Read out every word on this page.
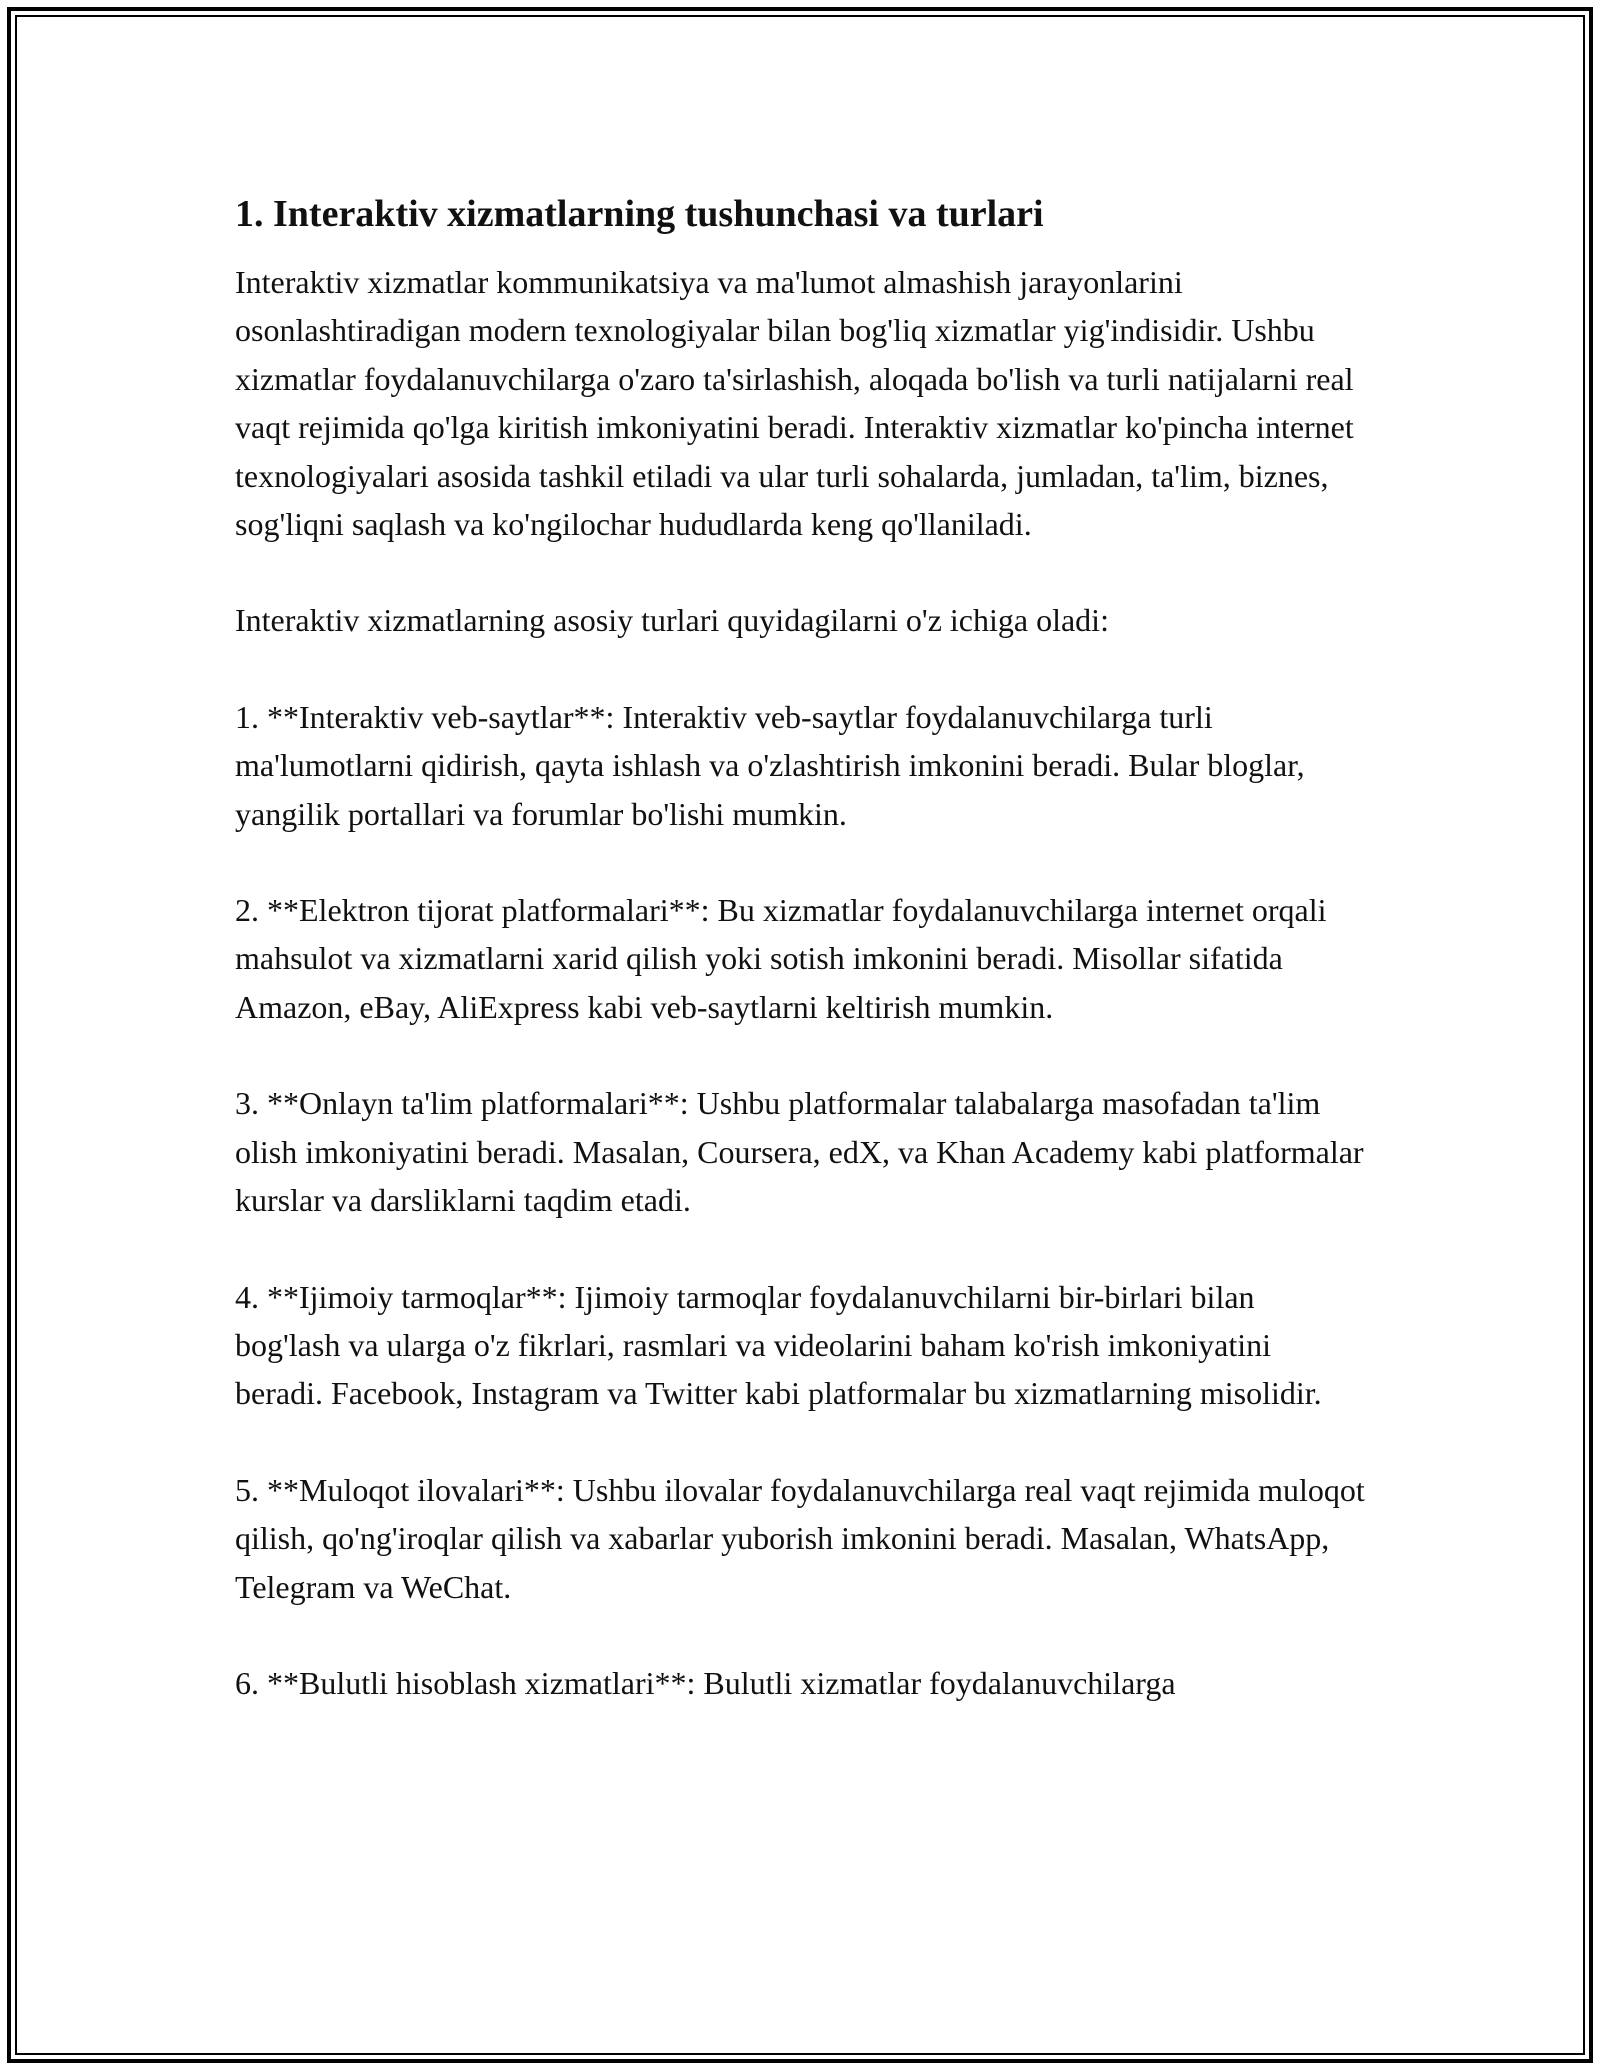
1. Interaktiv xizmatlarning tushunchasi va turlari

Interaktiv xizmatlar kommunikatsiya va ma'lumot almashish jarayonlarini osonlashtiradigan modern texnologiyalar bilan bog'liq xizmatlar yig'indisidir. Ushbu xizmatlar foydalanuvchilarga o'zaro ta'sirlashish, aloqada bo'lish va turli natijalarni real vaqt rejimida qo'lga kiritish imkoniyatini beradi. Interaktiv xizmatlar ko'pincha internet texnologiyalari asosida tashkil etiladi va ular turli sohalarda, jumladan, ta'lim, biznes, sog'liqni saqlash va ko'ngilochar hududlarda keng qo'llaniladi.

Interaktiv xizmatlarning asosiy turlari quyidagilarni o'z ichiga oladi:

1. **Interaktiv veb-saytlar**: Interaktiv veb-saytlar foydalanuvchilarga turli ma'lumotlarni qidirish, qayta ishlash va o'zlashtirish imkonini beradi. Bular bloglar, yangilik portallari va forumlar bo'lishi mumkin.

2. **Elektron tijorat platformalari**: Bu xizmatlar foydalanuvchilarga internet orqali mahsulot va xizmatlarni xarid qilish yoki sotish imkonini beradi. Misollar sifatida Amazon, eBay, AliExpress kabi veb-saytlarni keltirish mumkin.

3. **Onlayn ta'lim platformalari**: Ushbu platformalar talabalarga masofadan ta'lim olish imkoniyatini beradi. Masalan, Coursera, edX, va Khan Academy kabi platformalar kurslar va darsliklarni taqdim etadi.

4. **Ijimoiy tarmoqlar**: Ijimoiy tarmoqlar foydalanuvchilarni bir-birlari bilan bog'lash va ularga o'z fikrlari, rasmlari va videolarini baham ko'rish imkoniyatini beradi. Facebook, Instagram va Twitter kabi platformalar bu xizmatlarning misolidir.

5. **Muloqot ilovalari**: Ushbu ilovalar foydalanuvchilarga real vaqt rejimida muloqot qilish, qo'ng'iroqlar qilish va xabarlar yuborish imkonini beradi. Masalan, WhatsApp, Telegram va WeChat.

6. **Bulutli hisoblash xizmatlari**: Bulutli xizmatlar foydalanuvchilarga
